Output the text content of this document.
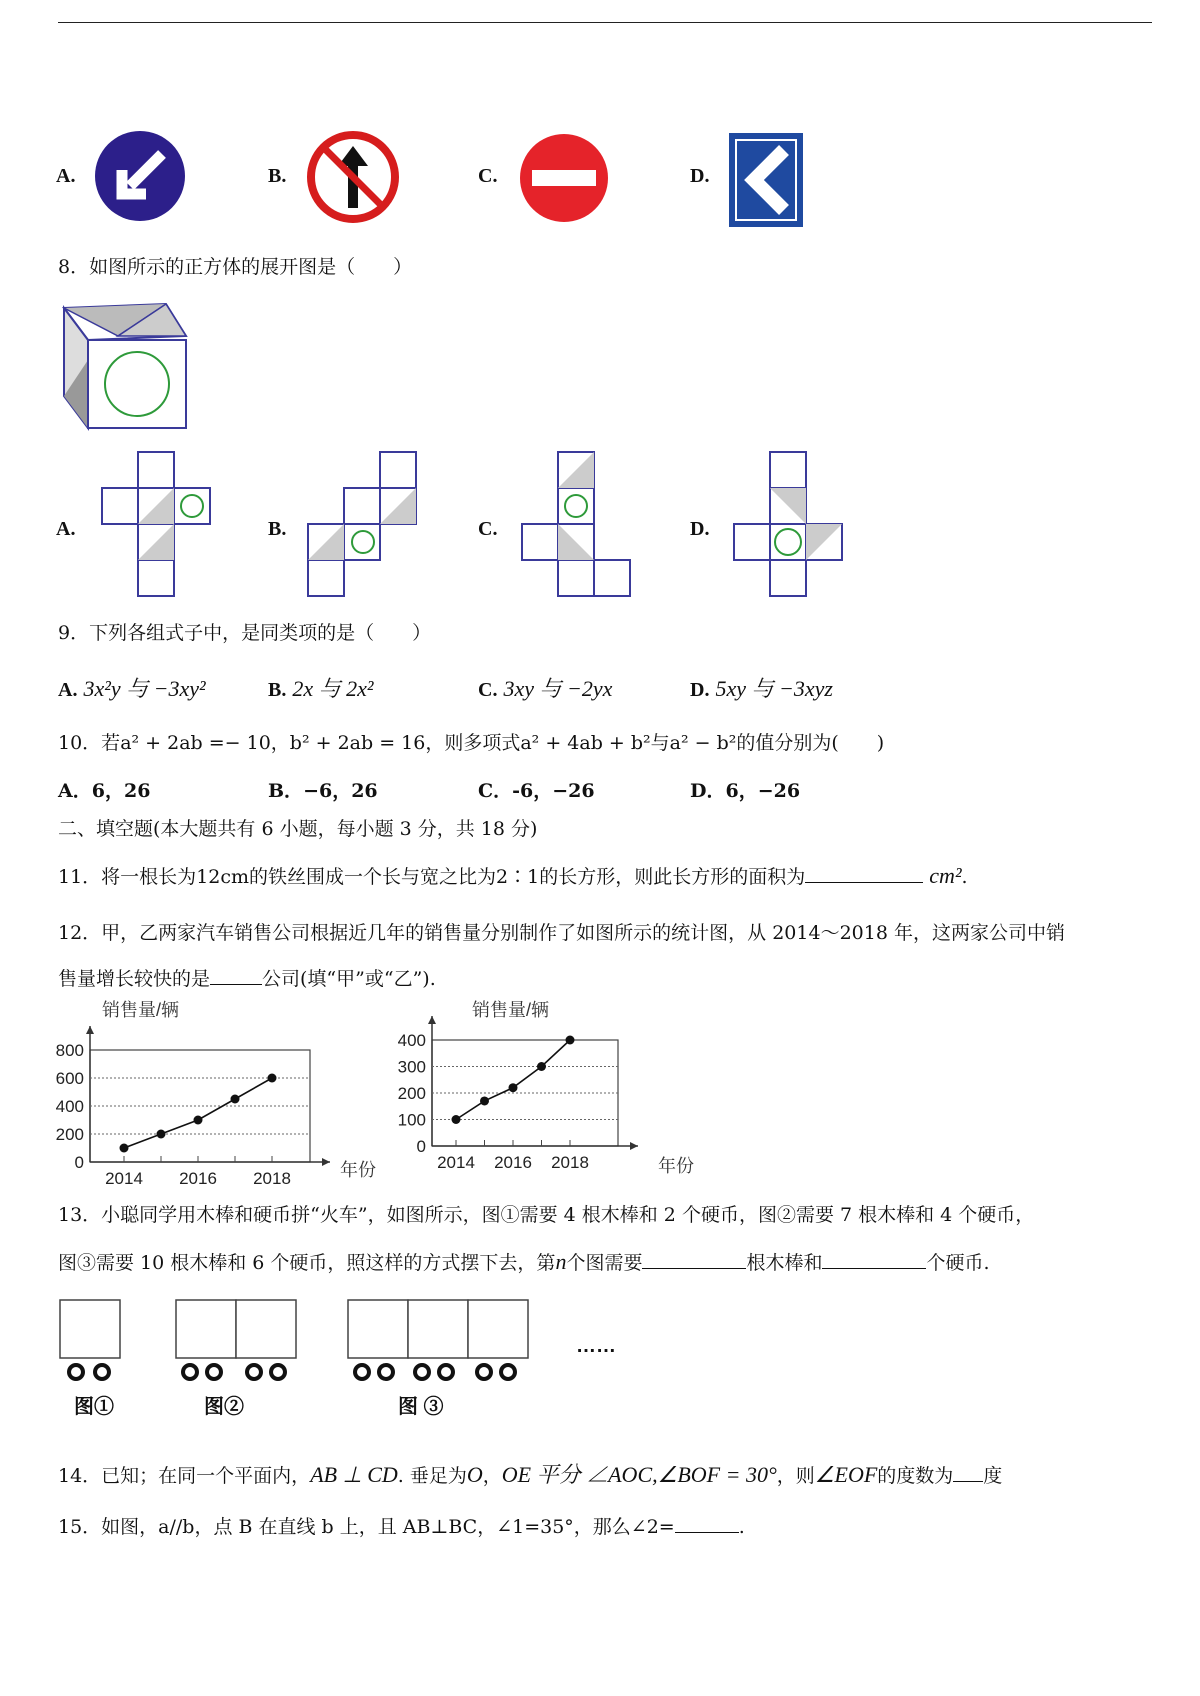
A.	B.	C.	D.
8．如图所示的正方体的展开图是（　　）
A.	B.	C.	D.
9．下列各组式子中，是同类项的是（　　）
A. 3x²y 与 −3xy²	B. 2x 与 2x²	C. 3xy 与 −2yx	D. 5xy 与 −3xyz
10．若a² + 2ab =− 10，b² + 2ab = 16，则多项式a² + 4ab + b²与a² − b²的值分别为(　　)
A．6，26	B．−6，26	C．-6，−26	D．6，−26
二、填空题(本大题共有 6 小题，每小题 3 分，共 18 分)
11．将一根长为12cm的铁丝围成一个长与宽之比为2∶1的长方形，则此长方形的面积为	cm².
12．甲，乙两家汽车销售公司根据近几年的销售量分别制作了如图所示的统计图，从 2014～2018 年，这两家公司中销
售量增长较快的是	公司(填“甲”或“乙”).
销售量/辆
年份
0
200
400
600
800
2014 2016 2018
销售量/辆
年份
0
100
200
300
400
2014 2016 2018
13．小聪同学用木棒和硬币拼“火车”，如图所示，图①需要 4 根木棒和 2 个硬币，图②需要 7 根木棒和 4 个硬币，
图③需要 10 根木棒和 6 个硬币，照这样的方式摆下去，第n个图需要	根木棒和	个硬币.
图①	图②	图 ③
……
14．已知；在同一个平面内，AB ⊥ CD. 垂足为O，OE 平分 ∠AOC,∠BOF = 30°，则∠EOF的度数为 度
15．如图，a//b，点 B 在直线 b 上，且 AB⊥BC，∠1=35°，那么∠2=	.
